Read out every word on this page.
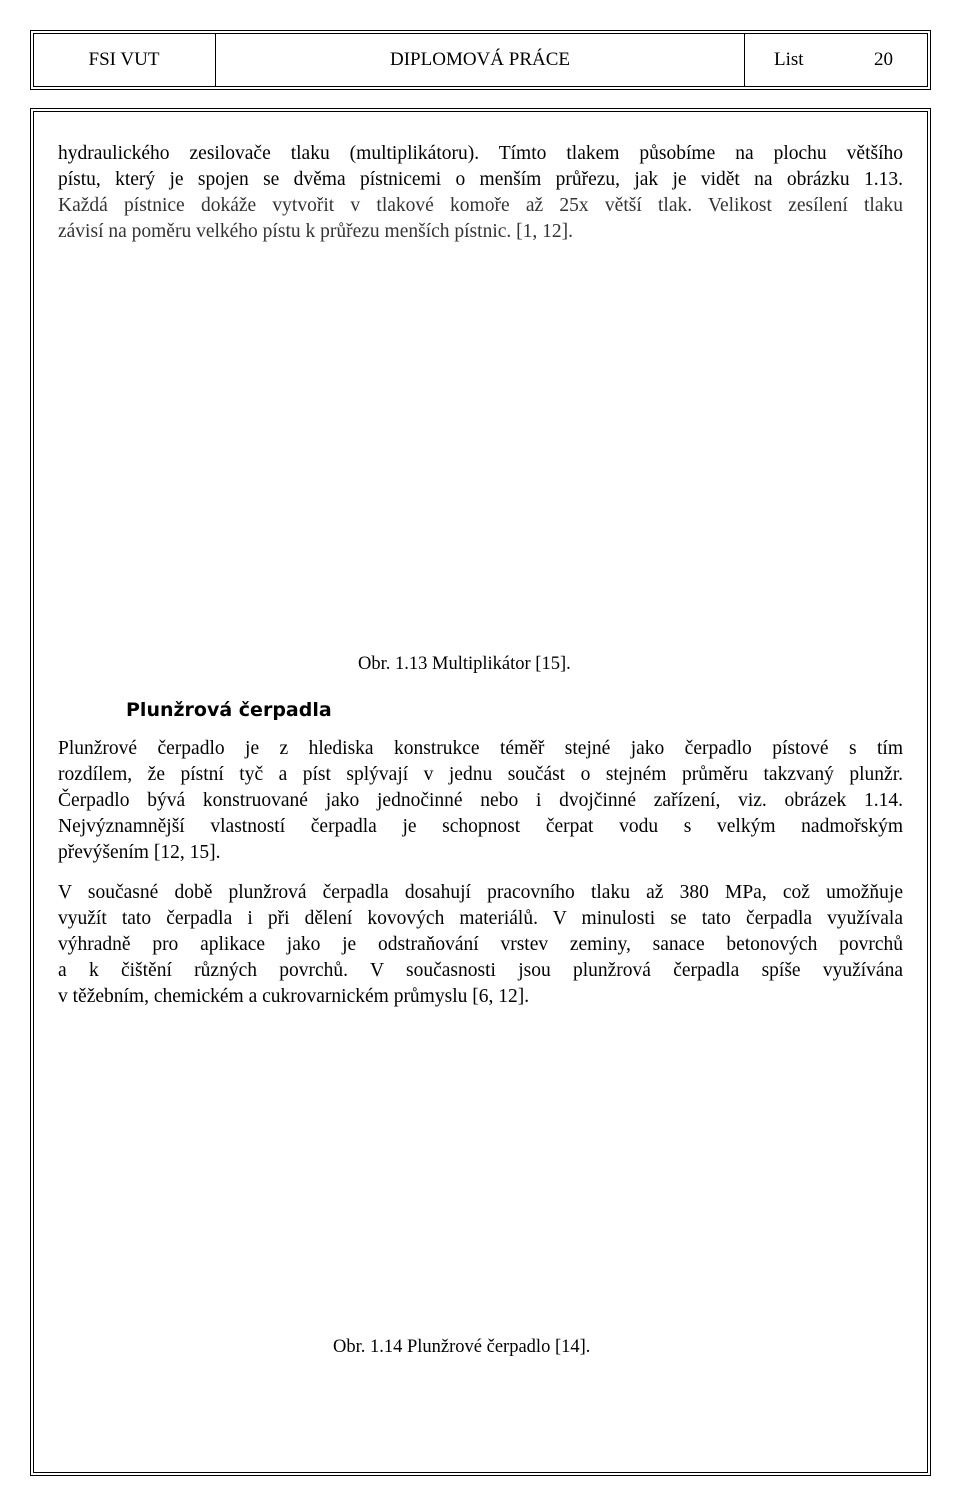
FSI VUT	DIPLOMOVÁ PRÁCE	List	20
hydraulického zesilovače tlaku (multiplikátoru). Tímto tlakem působíme na plochu většího
pístu, který je spojen se dvěma pístnicemi o menším průřezu, jak je vidět na obrázku 1.13.
Každá pístnice dokáže vytvořit v tlakové komoře až 25x větší tlak. Velikost zesílení tlaku
závisí na poměru velkého pístu k průřezu menších pístnic. [1, 12].
Obr. 1.13 Multiplikátor [15].
Plunžrová čerpadla
Plunžrové čerpadlo je z hlediska konstrukce téměř stejné jako čerpadlo pístové s tím
rozdílem, že pístní tyč a píst splývají v jednu součást o stejném průměru takzvaný plunžr.
Čerpadlo bývá konstruované jako jednočinné nebo i dvojčinné zařízení, viz. obrázek 1.14.
Nejvýznamnější vlastností čerpadla je schopnost čerpat vodu s velkým nadmořským
převýšením [12, 15].
V současné době plunžrová čerpadla dosahují pracovního tlaku až 380 MPa, což umožňuje
využít tato čerpadla i při dělení kovových materiálů. V minulosti se tato čerpadla využívala
výhradně pro aplikace jako je odstraňování vrstev zeminy, sanace betonových povrchů
a k čištění různých povrchů. V současnosti jsou plunžrová čerpadla spíše využívána
v těžebním, chemickém a cukrovarnickém průmyslu [6, 12].
Obr. 1.14 Plunžrové čerpadlo [14].
